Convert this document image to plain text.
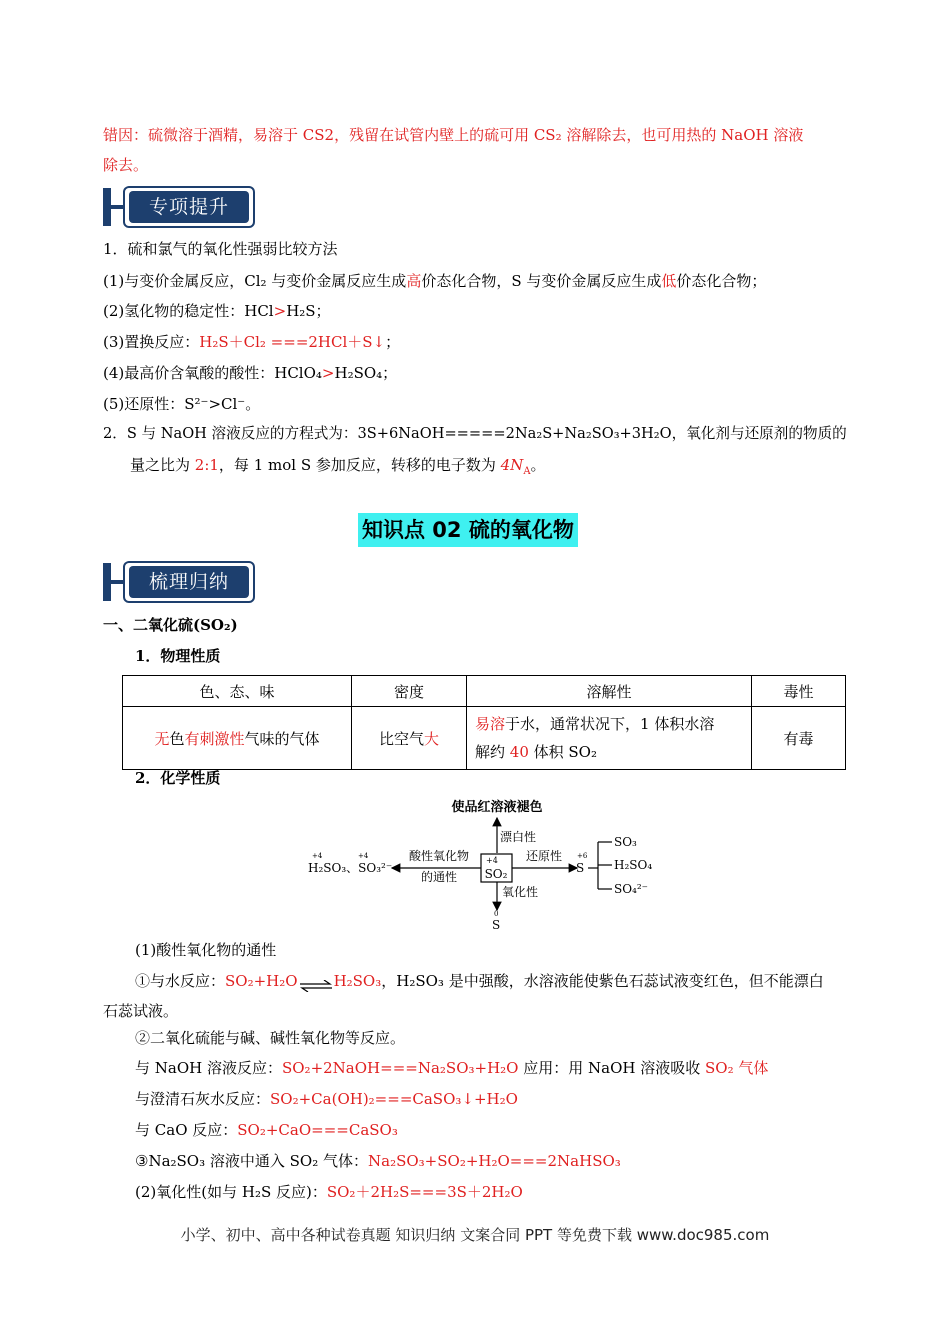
错因：硫微溶于酒精，易溶于 CS2，残留在试管内壁上的硫可用 CS₂ 溶解除去，也可用热的 NaOH 溶液
除去。
专项提升
1．硫和氯气的氧化性强弱比较方法
(1)与变价金属反应，Cl₂ 与变价金属反应生成高价态化合物，S 与变价金属反应生成低价态化合物；
(2)氢化物的稳定性：HCl>H₂S；
(3)置换反应：H₂S＋Cl₂ ===2HCl＋S↓；
(4)最高价含氧酸的酸性：HClO₄>H₂SO₄；
(5)还原性：S²⁻>Cl⁻。
2．S 与 NaOH 溶液反应的方程式为：3S+6NaOH=====2Na₂S+Na₂SO₃+3H₂O，氧化剂与还原剂的物质的
量之比为 2:1，每 1 mol S 参加反应，转移的电子数为 $4N_A$。
知识点 02 硫的氧化物
梳理归纳
一、二氧化硫(SO₂)
1．物理性质
色、态、味	密度	溶解性	毒性
无色有刺激性气味的气体	比空气大	易溶于水，通常状况下，1 体积水溶
解约 40 体积 SO₂	有毒
2．化学性质
使品红溶液褪色
漂白性
+4
SO₂
酸性氧化物
的通性
+4	+4
H₂SO₃、SO₃²⁻
还原性 +6
S
SO₃
H₂SO₄
SO₄²⁻
氧化性
0
S
(1)酸性氧化物的通性
①与水反应：SO₂+H₂O⇌H₂SO₃，H₂SO₃ 是中强酸，水溶液能使紫色石蕊试液变红色，但不能漂白
石蕊试液。
②二氧化硫能与碱、碱性氧化物等反应。
与 NaOH 溶液反应：SO₂+2NaOH===Na₂SO₃+H₂O 应用：用 NaOH 溶液吸收 SO₂ 气体
与澄清石灰水反应：SO₂+Ca(OH)₂===CaSO₃↓+H₂O
与 CaO 反应：SO₂+CaO===CaSO₃
③Na₂SO₃ 溶液中通入 SO₂ 气体：Na₂SO₃+SO₂+H₂O===2NaHSO₃
(2)氧化性(如与 H₂S 反应)：SO₂＋2H₂S===3S＋2H₂O
小学、初中、高中各种试卷真题 知识归纳 文案合同 PPT 等免费下载 www.doc985.com
